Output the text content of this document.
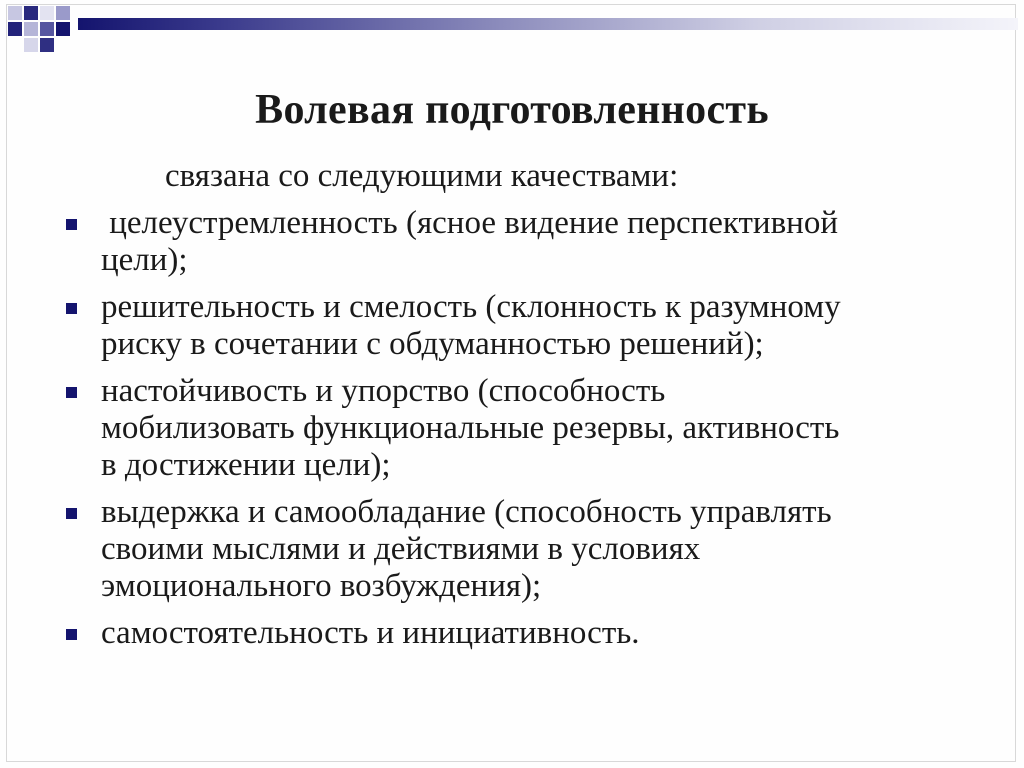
Волевая подготовленность

связана со следующими качествами:

целеустремленность (ясное видение перспективной
цели);
решительность и смелость (склонность к разумному
риску в сочетании с обдуманностью решений);
настойчивость и упорство (способность
мобилизовать функциональные резервы, активность
в достижении цели);
выдержка и самообладание (способность управлять
своими мыслями и действиями в условиях
эмоционального возбуждения);
самостоятельность и инициативность.
